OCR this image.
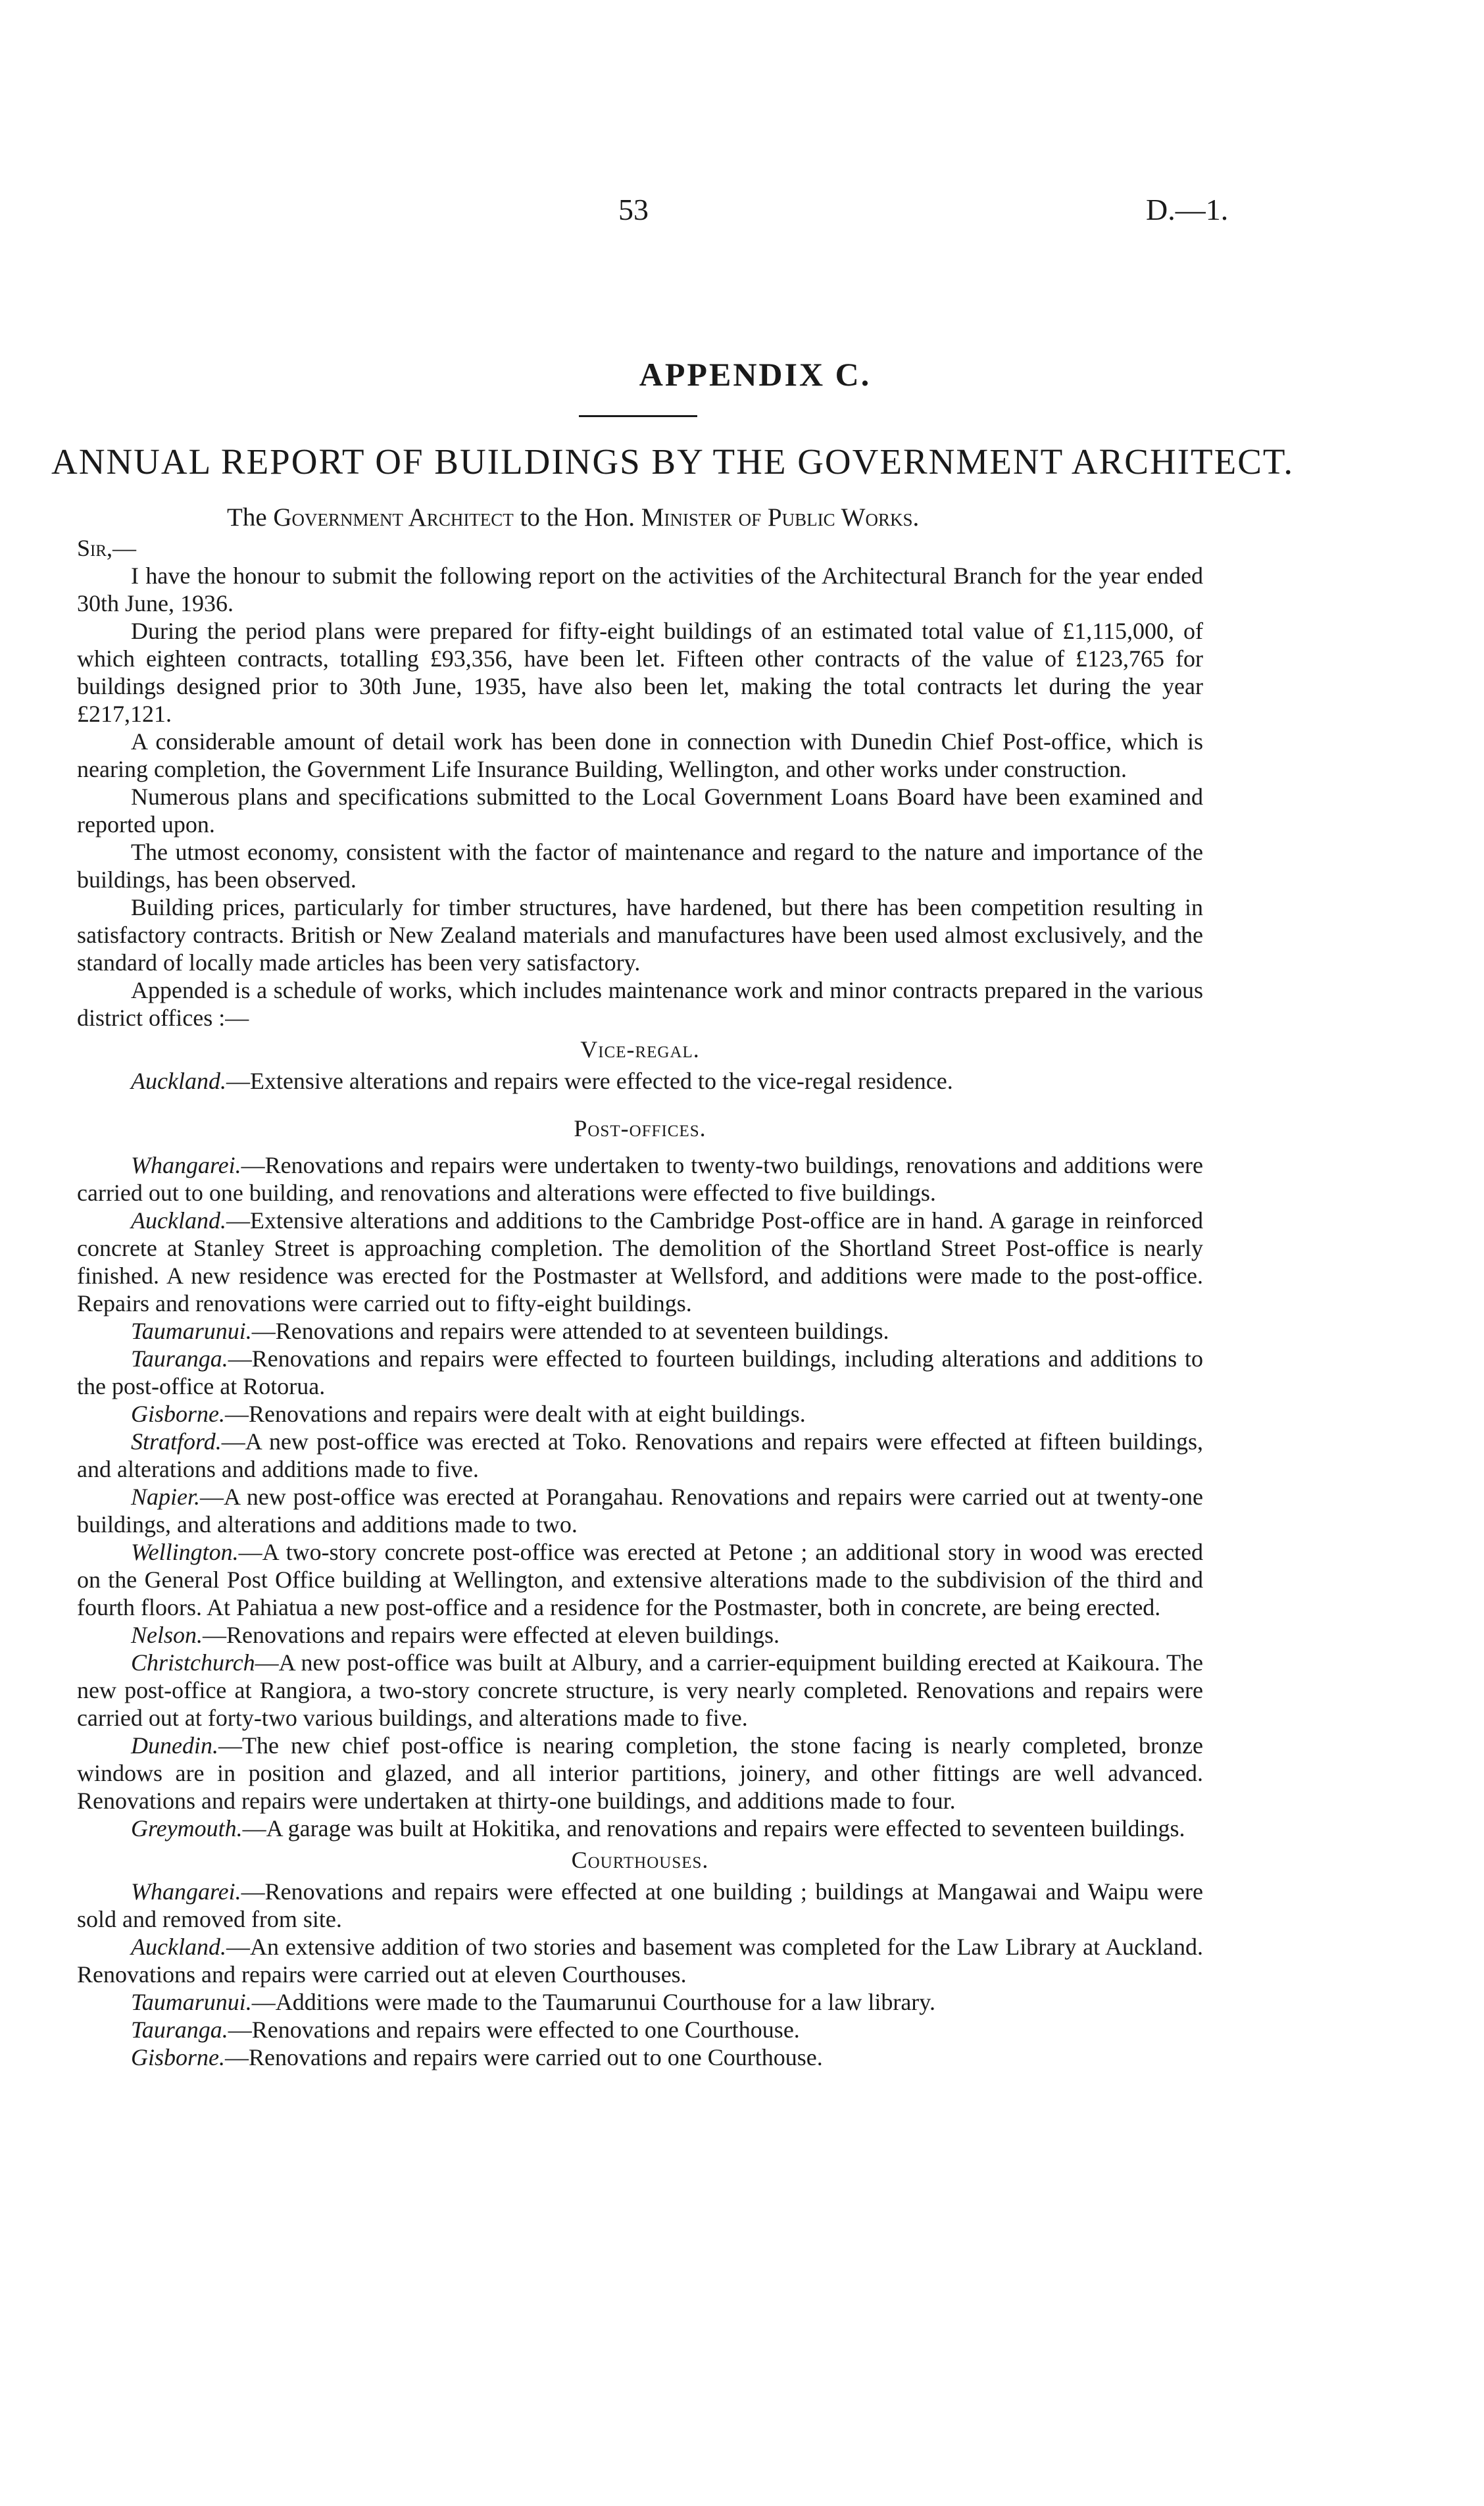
53	D.—1.
APPENDIX C.
ANNUAL REPORT OF BUILDINGS BY THE GOVERNMENT ARCHITECT.
The Government Architect to the Hon. Minister of Public Works.

Sir,—

I have the honour to submit the following report on the activities of the Architectural Branch for the year ended 30th June, 1936.

During the period plans were prepared for fifty-eight buildings of an estimated total value of £1,115,000, of which eighteen contracts, totalling £93,356, have been let. Fifteen other contracts of the value of £123,765 for buildings designed prior to 30th June, 1935, have also been let, making the total contracts let during the year £217,121.

A considerable amount of detail work has been done in connection with Dunedin Chief Post-office, which is nearing completion, the Government Life Insurance Building, Wellington, and other works under construction.

Numerous plans and specifications submitted to the Local Government Loans Board have been examined and reported upon.

The utmost economy, consistent with the factor of maintenance and regard to the nature and importance of the buildings, has been observed.

Building prices, particularly for timber structures, have hardened, but there has been competition resulting in satisfactory contracts. British or New Zealand materials and manufactures have been used almost exclusively, and the standard of locally made articles has been very satisfactory.

Appended is a schedule of works, which includes maintenance work and minor contracts prepared in the various district offices :—

Vice-regal.

Auckland.—Extensive alterations and repairs were effected to the vice-regal residence.

Post-offices.

Whangarei.—Renovations and repairs were undertaken to twenty-two buildings, renovations and additions were carried out to one building, and renovations and alterations were effected to five buildings.

Auckland.—Extensive alterations and additions to the Cambridge Post-office are in hand. A garage in reinforced concrete at Stanley Street is approaching completion. The demolition of the Shortland Street Post-office is nearly finished. A new residence was erected for the Postmaster at Wellsford, and additions were made to the post-office. Repairs and renovations were carried out to fifty-eight buildings.

Taumarunui.—Renovations and repairs were attended to at seventeen buildings.

Tauranga.—Renovations and repairs were effected to fourteen buildings, including alterations and additions to the post-office at Rotorua.

Gisborne.—Renovations and repairs were dealt with at eight buildings.

Stratford.—A new post-office was erected at Toko. Renovations and repairs were effected at fifteen buildings, and alterations and additions made to five.

Napier.—A new post-office was erected at Porangahau. Renovations and repairs were carried out at twenty-one buildings, and alterations and additions made to two.

Wellington.—A two-story concrete post-office was erected at Petone ; an additional story in wood was erected on the General Post Office building at Wellington, and extensive alterations made to the subdivision of the third and fourth floors. At Pahiatua a new post-office and a residence for the Postmaster, both in concrete, are being erected.

Nelson.—Renovations and repairs were effected at eleven buildings.

Christchurch—A new post-office was built at Albury, and a carrier-equipment building erected at Kaikoura. The new post-office at Rangiora, a two-story concrete structure, is very nearly completed. Renovations and repairs were carried out at forty-two various buildings, and alterations made to five.

Dunedin.—The new chief post-office is nearing completion, the stone facing is nearly completed, bronze windows are in position and glazed, and all interior partitions, joinery, and other fittings are well advanced. Renovations and repairs were undertaken at thirty-one buildings, and additions made to four.

Greymouth.—A garage was built at Hokitika, and renovations and repairs were effected to seventeen buildings.

Courthouses.

Whangarei.—Renovations and repairs were effected at one building ; buildings at Mangawai and Waipu were sold and removed from site.

Auckland.—An extensive addition of two stories and basement was completed for the Law Library at Auckland. Renovations and repairs were carried out at eleven Courthouses.

Taumarunui.—Additions were made to the Taumarunui Courthouse for a law library.

Tauranga.—Renovations and repairs were effected to one Courthouse.

Gisborne.—Renovations and repairs were carried out to one Courthouse.
